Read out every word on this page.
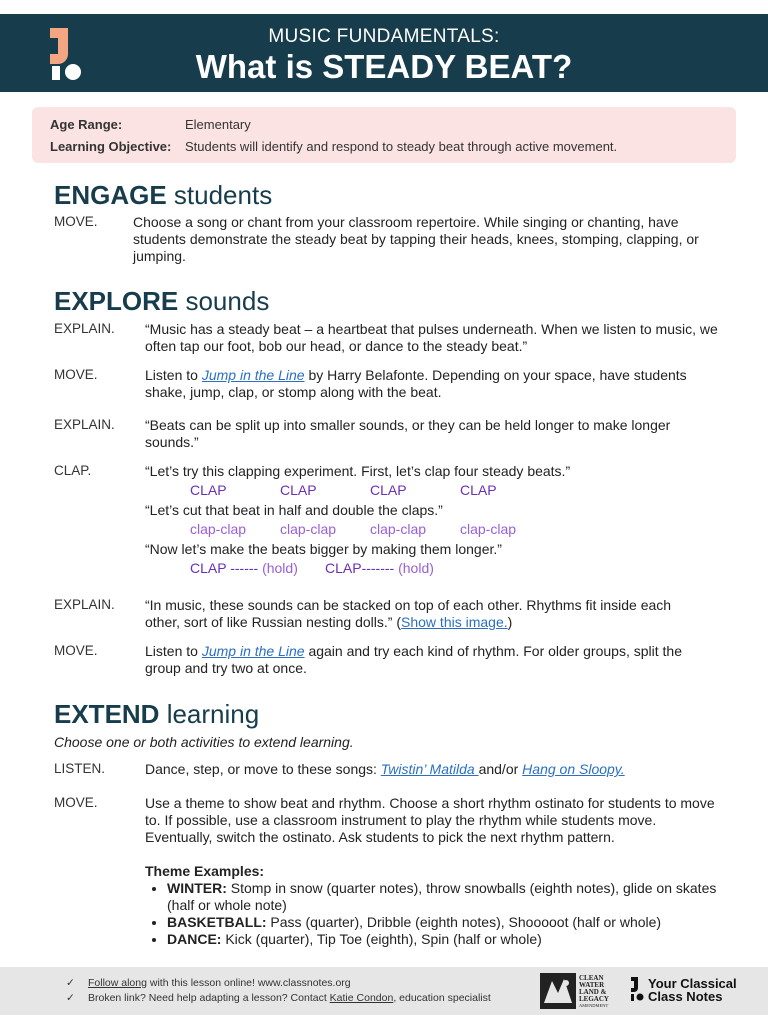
MUSIC FUNDAMENTALS:
What is STEADY BEAT?
Age Range:	Elementary
Learning Objective:	Students will identify and respond to steady beat through active movement.
ENGAGE students
MOVE.	Choose a song or chant from your classroom repertoire. While singing or chanting, have students demonstrate the steady beat by tapping their heads, knees, stomping, clapping, or jumping.
EXPLORE sounds
EXPLAIN. “Music has a steady beat – a heartbeat that pulses underneath. When we listen to music, we often tap our foot, bob our head, or dance to the steady beat.”
MOVE.	Listen to Jump in the Line by Harry Belafonte. Depending on your space, have students shake, jump, clap, or stomp along with the beat.
EXPLAIN. “Beats can be split up into smaller sounds, or they can be held longer to make longer sounds.”
CLAP.	“Let’s try this clapping experiment. First, let’s clap four steady beats.”
CLAP	CLAP	CLAP	CLAP
“Let’s cut that beat in half and double the claps.”
clap-clap clap-clap clap-clap clap-clap
“Now let’s make the beats bigger by making them longer.”
CLAP ------ (hold) CLAP------- (hold)
EXPLAIN. “In music, these sounds can be stacked on top of each other. Rhythms fit inside each other, sort of like Russian nesting dolls.” (Show this image.)
MOVE.	Listen to Jump in the Line again and try each kind of rhythm. For older groups, split the group and try two at once.
EXTEND learning
Choose one or both activities to extend learning.
LISTEN.	Dance, step, or move to these songs: Twistin’ Matilda and/or Hang on Sloopy.
MOVE.	Use a theme to show beat and rhythm. Choose a short rhythm ostinato for students to move to. If possible, use a classroom instrument to play the rhythm while students move. Eventually, switch the ostinato. Ask students to pick the next rhythm pattern.
Theme Examples:
• WINTER: Stomp in snow (quarter notes), throw snowballs (eighth notes), glide on skates (half or whole note)
• BASKETBALL: Pass (quarter), Dribble (eighth notes), Shooooot (half or whole)
• DANCE: Kick (quarter), Tip Toe (eighth), Spin (half or whole)
✓ Follow along with this lesson online! www.classnotes.org
✓ Broken link? Need help adapting a lesson? Contact Katie Condon, education specialist
CLEAN
WATER
LAND &
LEGACY
AMENDMENT
Your Classical
Class Notes
